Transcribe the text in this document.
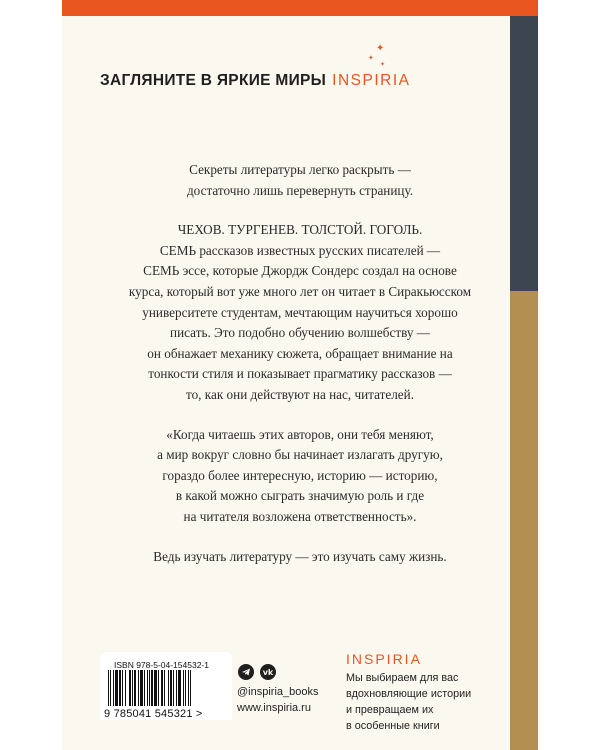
✦
✦
✦
ЗАГЛЯНИТЕ В ЯРКИЕ МИРЫ INSPIRIA

Секреты литературы легко раскрыть —
достаточно лишь перевернуть страницу.

ЧЕХОВ. ТУРГЕНЕВ. ТОЛСТОЙ. ГОГОЛЬ.
СЕМЬ рассказов известных русских писателей —
СЕМЬ эссе, которые Джордж Сондерс создал на основе
курса, который вот уже много лет он читает в Сиракьюсском
университете студентам, мечтающим научиться хорошо
писать. Это подобно обучению волшебству —
он обнажает механику сюжета, обращает внимание на
тонкости стиля и показывает прагматику рассказов —
то, как они действуют на нас, читателей.

«Когда читаешь этих авторов, они тебя меняют,
а мир вокруг словно бы начинает излагать другую,
гораздо более интересную, историю — историю,
в какой можно сыграть значимую роль и где
на читателя возложена ответственность».

Ведь изучать литературу — это изучать саму жизнь.

ISBN 978-5-04-154532-1
9 785041 545321 >
vk
@inspiria_books
www.inspiria.ru
INSPIRIA
Мы выбираем для вас
вдохновляющие истории
и превращаем их
в особенные книги
